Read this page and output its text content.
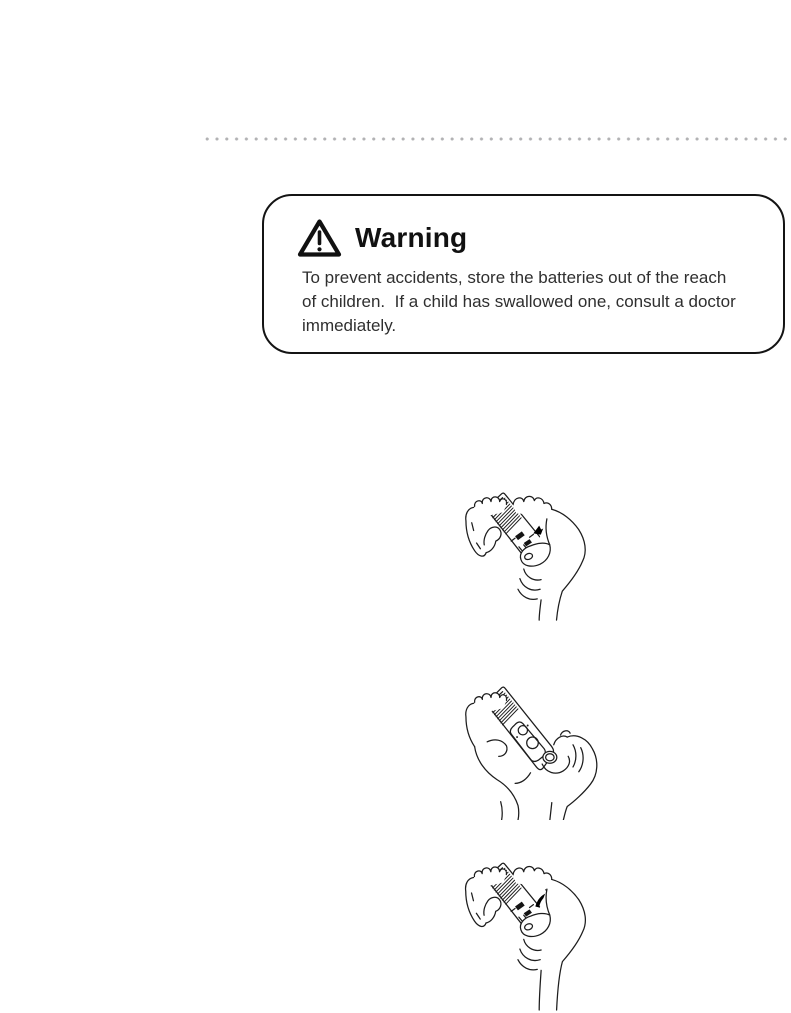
Warning
To prevent accidents, store the batteries out of the reach
of children.  If a child has swallowed one, consult a doctor
immediately.
